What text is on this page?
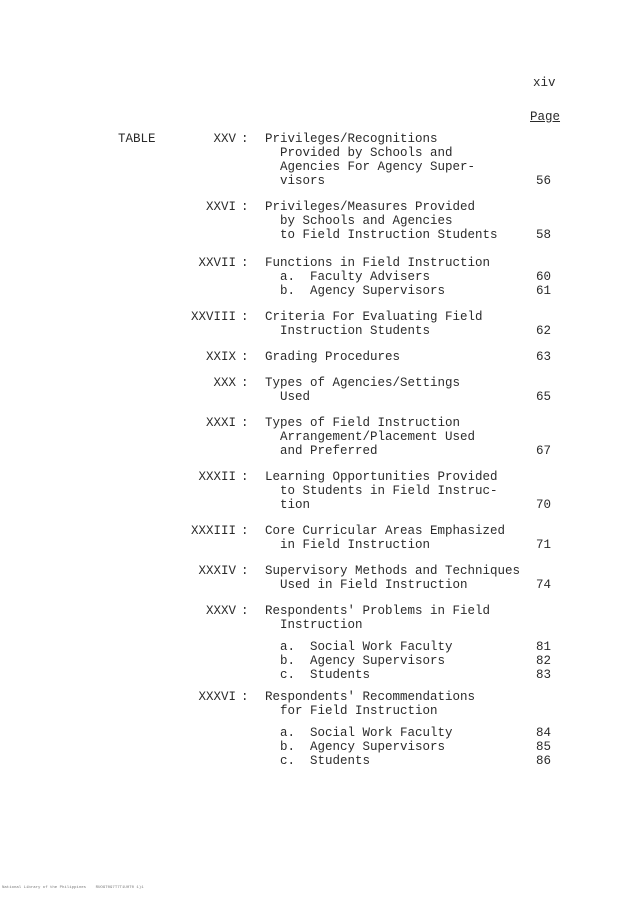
xiv
Page
TABLE	XXV : Privileges/Recognitions
Provided by Schools and
Agencies For Agency Super-
visors	56
XXVI : Privileges/Measures Provided
by Schools and Agencies
to Field Instruction Students	58
XXVII : Functions in Field Instruction
a.  Faculty Advisers	60
b.  Agency Supervisors	61
XXVIII : Criteria For Evaluating Field
Instruction Students	62
XXIX : Grading Procedures	63
XXX : Types of Agencies/Settings
Used	65
XXXI : Types of Field Instruction
Arrangement/Placement Used
and Preferred	67
XXXII : Learning Opportunities Provided
to Students in Field Instruc-
tion	70
XXXIII : Core Curricular Areas Emphasized
in Field Instruction	71
XXXIV : Supervisory Methods and Techniques
Used in Field Instruction	74
XXXV : Respondents' Problems in Field
Instruction
a.  Social Work Faculty	81
b.  Agency Supervisors	82
c.  Students	83
XXXVI : Respondents' Recommendations
for Field Instruction
a.  Social Work Faculty	84
b.  Agency Supervisors	85
c.  Students	86
National Library of the Philippines RUO9T097T7T1U0T0 1)1
